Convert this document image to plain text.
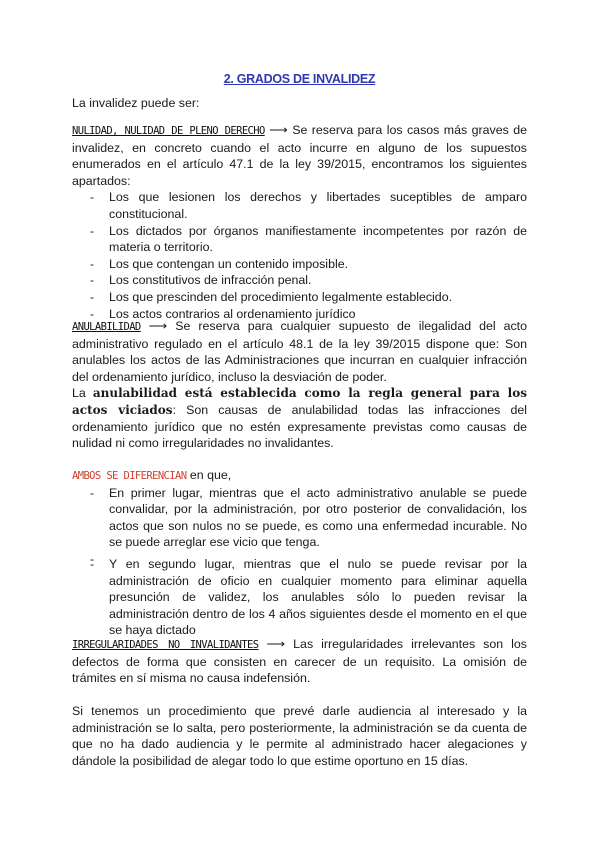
2. GRADOS DE INVALIDEZ
La invalidez puede ser:
NULIDAD, NULIDAD DE PLENO DERECHO ⟶ Se reserva para los casos más graves de invalidez, en concreto cuando el acto incurre en alguno de los supuestos enumerados en el artículo 47.1 de la ley 39/2015, encontramos los siguientes apartados:
- Los que lesionen los derechos y libertades suceptibles de amparo constitucional.
- Los dictados por órganos manifiestamente incompetentes por razón de materia o territorio.
- Los que contengan un contenido imposible.
- Los constitutivos de infracción penal.
- Los que prescinden del procedimiento legalmente establecido.
- Los actos contrarios al ordenamiento jurídico
ANULABILIDAD ⟶ Se reserva para cualquier supuesto de ilegalidad del acto administrativo regulado en el artículo 48.1 de la ley 39/2015 dispone que: Son anulables los actos de las Administraciones que incurran en cualquier infracción del ordenamiento jurídico, incluso la desviación de poder.
La anulabilidad está establecida como la regla general para los actos viciados: Son causas de anulabilidad todas las infracciones del ordenamiento jurídico que no estén expresamente previstas como causas de nulidad ni como irregularidades no invalidantes.
AMBOS SE DIFERENCIAN en que,
- En primer lugar, mientras que el acto administrativo anulable se puede convalidar, por la administración, por otro posterior de convalidación, los actos que son nulos no se puede, es como una enfermedad incurable. No se puede arreglar ese vicio que tenga.
-
- Y en segundo lugar, mientras que el nulo se puede revisar por la administración de oficio en cualquier momento para eliminar aquella presunción de validez, los anulables sólo lo pueden revisar la administración dentro de los 4 años siguientes desde el momento en el que se haya dictado
IRREGULARIDADES NO INVALIDANTES ⟶ Las irregularidades irrelevantes son los defectos de forma que consisten en carecer de un requisito. La omisión de trámites en sí misma no causa indefensión.
Si tenemos un procedimiento que prevé darle audiencia al interesado y la administración se lo salta, pero posteriormente, la administración se da cuenta de que no ha dado audiencia y le permite al administrado hacer alegaciones y dándole la posibilidad de alegar todo lo que estime oportuno en 15 días.
